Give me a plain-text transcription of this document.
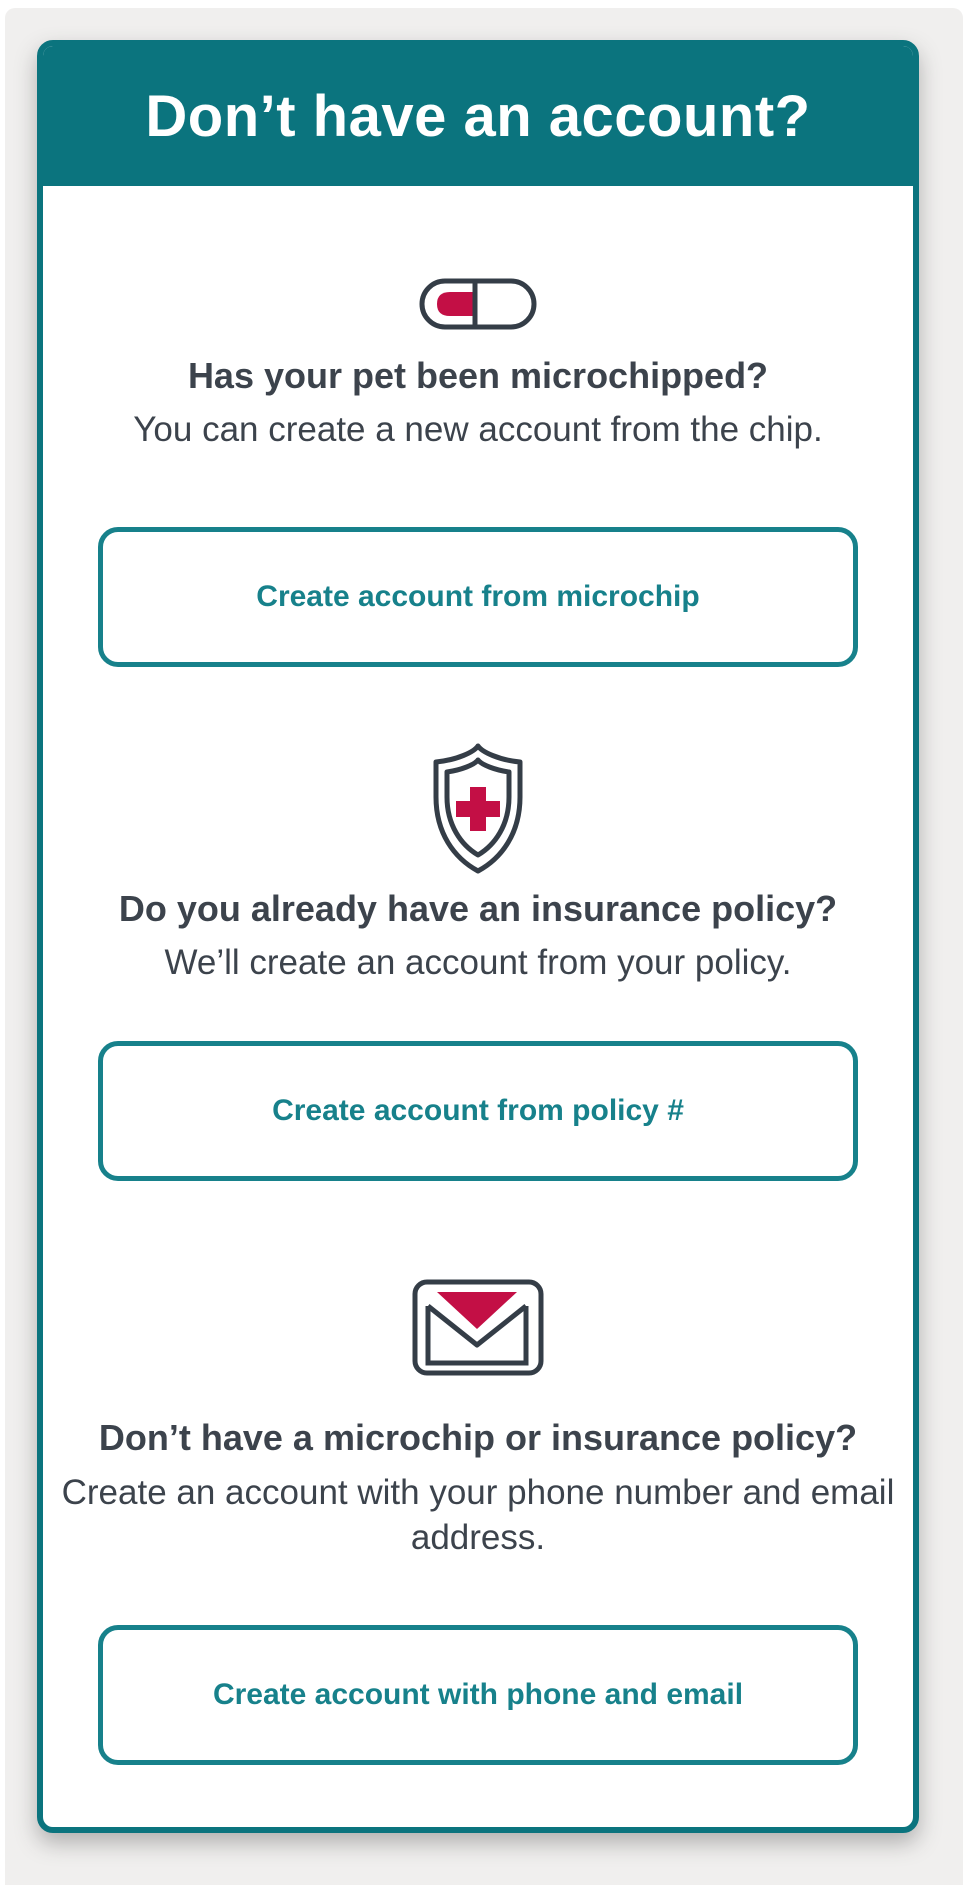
Don’t have an account?
Has your pet been microchipped?

You can create a new account from the chip.

Create account from microchip
Do you already have an insurance policy?

We’ll create an account from your policy.

Create account from policy #
Don’t have a microchip or insurance policy?

Create an account with your phone number and email address.

Create account with phone and email
